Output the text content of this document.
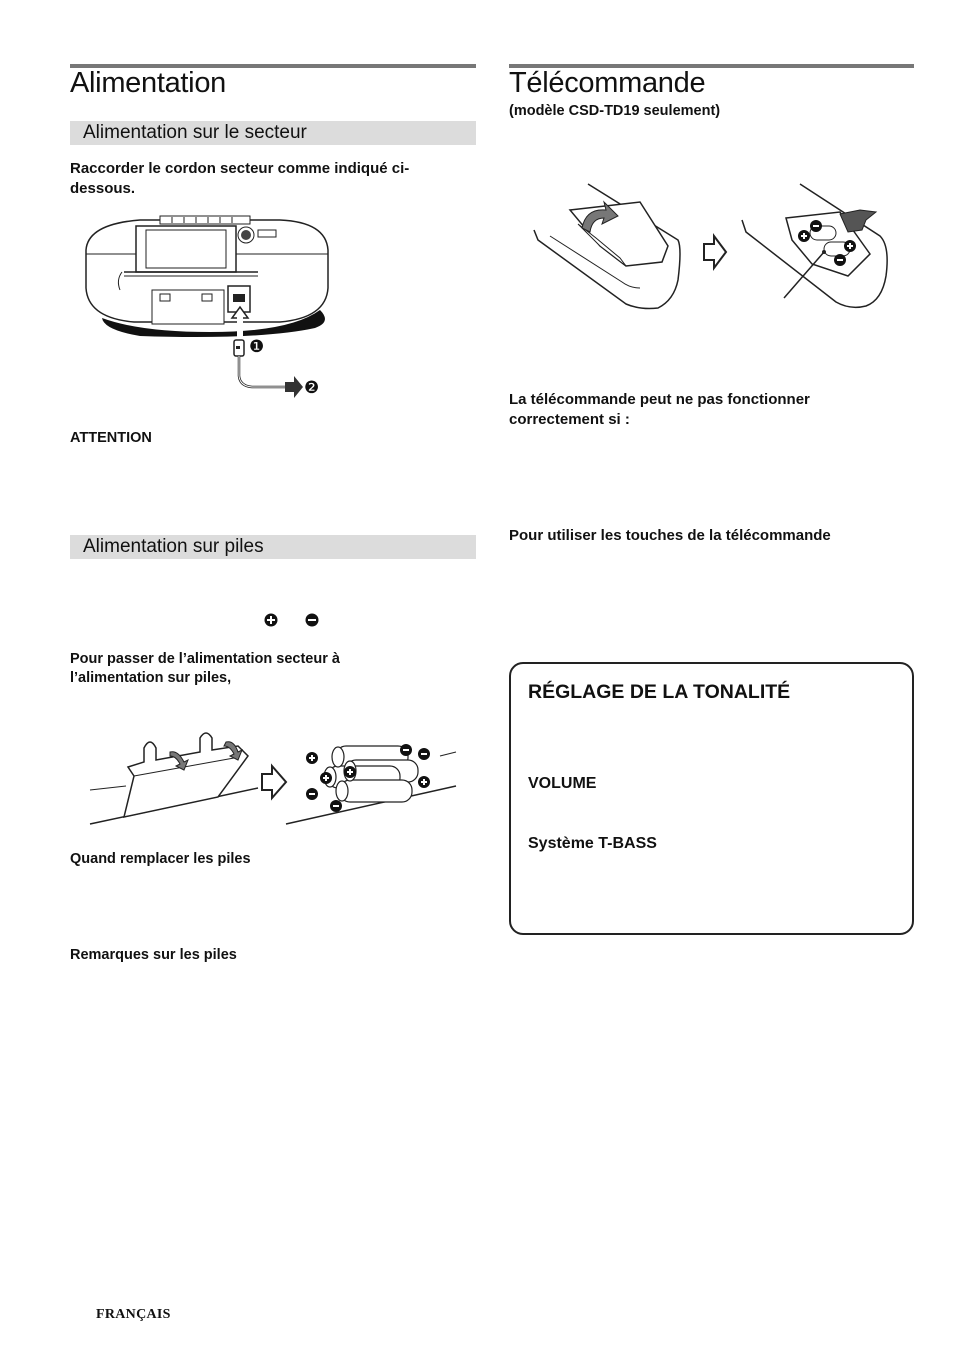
Alimentation
Alimentation sur le secteur
Raccorder le cordon secteur comme indiqué ci-dessous.
❶
❷
ATTENTION
Alimentation sur piles
Pour passer de l’alimentation secteur à l’alimentation sur piles,
Quand remplacer les piles
Remarques sur les piles
Télécommande
(modèle CSD-TD19 seulement)
La télécommande peut ne pas fonctionner correctement si :
Pour utiliser les touches de la télécommande
RÉGLAGE DE LA TONALITÉ
VOLUME
Système T-BASS
FRANÇAIS
